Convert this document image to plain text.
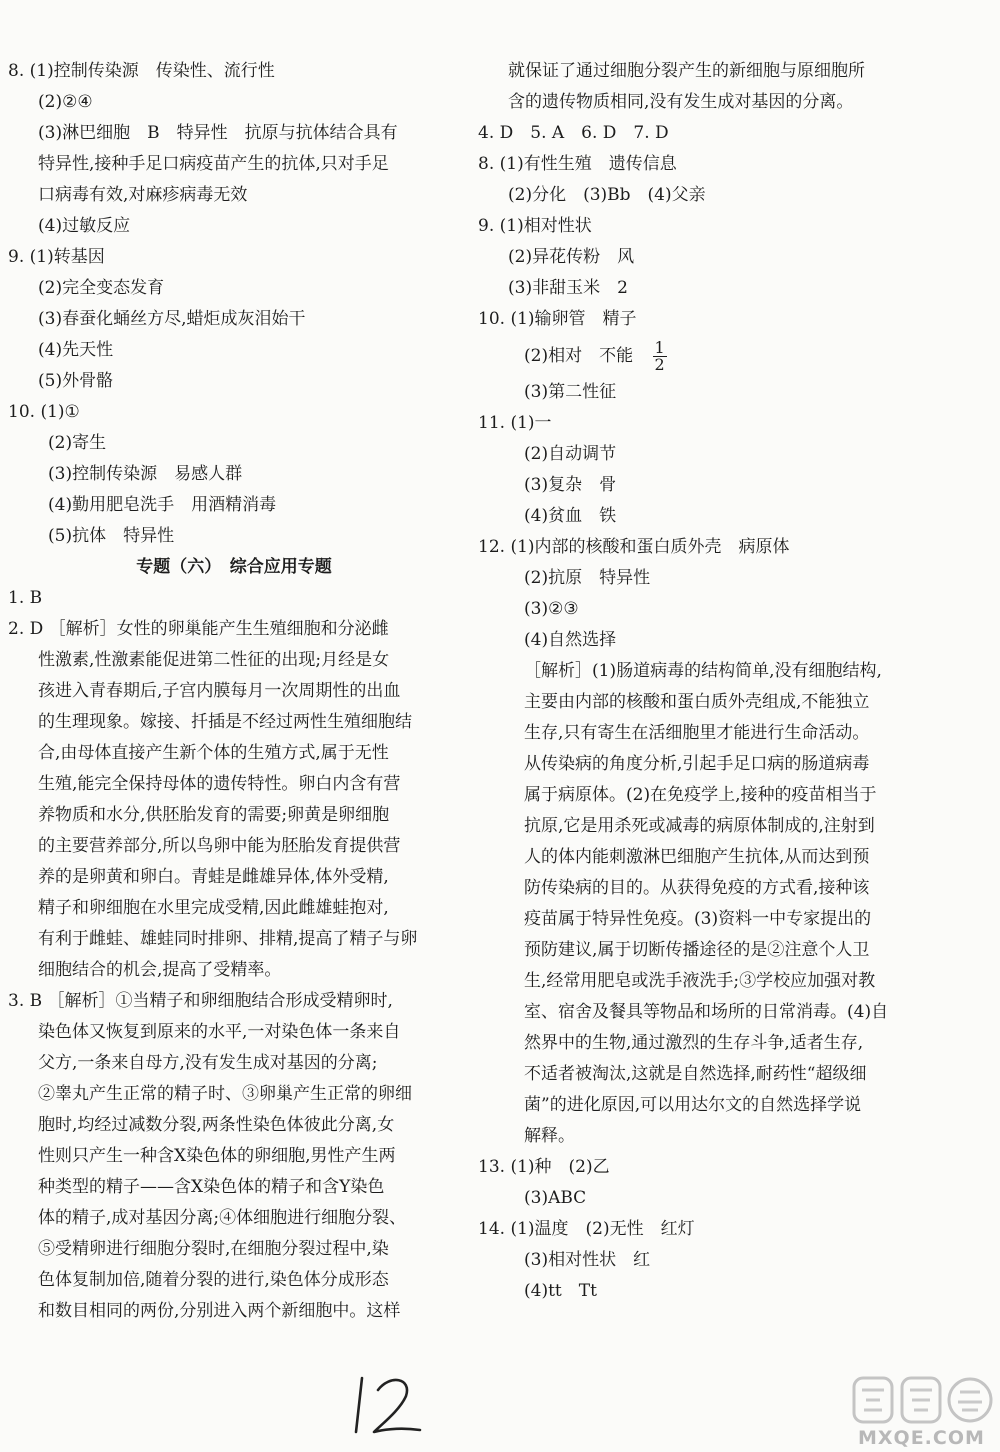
8. (1)控制传染源　传染性、流行性
(2)②④
(3)淋巴细胞　B　特异性　抗原与抗体结合具有
特异性,接种手足口病疫苗产生的抗体,只对手足
口病毒有效,对麻疹病毒无效
(4)过敏反应
9. (1)转基因
(2)完全变态发育
(3)春蚕化蛹丝方尽,蜡炬成灰泪始干
(4)先天性
(5)外骨骼
10. (1)①
(2)寄生
(3)控制传染源　易感人群
(4)勤用肥皂洗手　用酒精消毒
(5)抗体　特异性
专题（六）　综合应用专题
1. B
2. D ［解析］女性的卵巢能产生生殖细胞和分泌雌
性激素,性激素能促进第二性征的出现;月经是女
孩进入青春期后,子宫内膜每月一次周期性的出血
的生理现象。嫁接、扦插是不经过两性生殖细胞结
合,由母体直接产生新个体的生殖方式,属于无性
生殖,能完全保持母体的遗传特性。卵白内含有营
养物质和水分,供胚胎发育的需要;卵黄是卵细胞
的主要营养部分,所以鸟卵中能为胚胎发育提供营
养的是卵黄和卵白。青蛙是雌雄异体,体外受精,
精子和卵细胞在水里完成受精,因此雌雄蛙抱对,
有利于雌蛙、雄蛙同时排卵、排精,提高了精子与卵
细胞结合的机会,提高了受精率。
3. B ［解析］①当精子和卵细胞结合形成受精卵时,
染色体又恢复到原来的水平,一对染色体一条来自
父方,一条来自母方,没有发生成对基因的分离;
②睾丸产生正常的精子时、③卵巢产生正常的卵细
胞时,均经过减数分裂,两条性染色体彼此分离,女
性则只产生一种含X染色体的卵细胞,男性产生两
种类型的精子——含X染色体的精子和含Y染色
体的精子,成对基因分离;④体细胞进行细胞分裂、
⑤受精卵进行细胞分裂时,在细胞分裂过程中,染
色体复制加倍,随着分裂的进行,染色体分成形态
和数目相同的两份,分别进入两个新细胞中。这样
就保证了通过细胞分裂产生的新细胞与原细胞所
含的遗传物质相同,没有发生成对基因的分离。
4. D　5. A　6. D　7. D
8. (1)有性生殖　遗传信息
(2)分化　(3)Bb　(4)父亲
9. (1)相对性状
(2)异花传粉　风
(3)非甜玉米　2
10. (1)输卵管　精子
(2)相对　不能 $\frac{1}{2}$
(3)第二性征
11. (1)一
(2)自动调节
(3)复杂　骨
(4)贫血　铁
12. (1)内部的核酸和蛋白质外壳　病原体
(2)抗原　特异性
(3)②③
(4)自然选择
［解析］(1)肠道病毒的结构简单,没有细胞结构,
主要由内部的核酸和蛋白质外壳组成,不能独立
生存,只有寄生在活细胞里才能进行生命活动。
从传染病的角度分析,引起手足口病的肠道病毒
属于病原体。(2)在免疫学上,接种的疫苗相当于
抗原,它是用杀死或减毒的病原体制成的,注射到
人的体内能刺激淋巴细胞产生抗体,从而达到预
防传染病的目的。从获得免疫的方式看,接种该
疫苗属于特异性免疫。(3)资料一中专家提出的
预防建议,属于切断传播途径的是②注意个人卫
生,经常用肥皂或洗手液洗手;③学校应加强对教
室、宿舍及餐具等物品和场所的日常消毒。(4)自
然界中的生物,通过激烈的生存斗争,适者生存,
不适者被淘汰,这就是自然选择,耐药性“超级细
菌”的进化原因,可以用达尔文的自然选择学说
解释。
13. (1)种　(2)乙
(3)ABC
14. (1)温度　(2)无性　红灯
(3)相对性状　红
(4)tt　Tt
MXQE.COM
